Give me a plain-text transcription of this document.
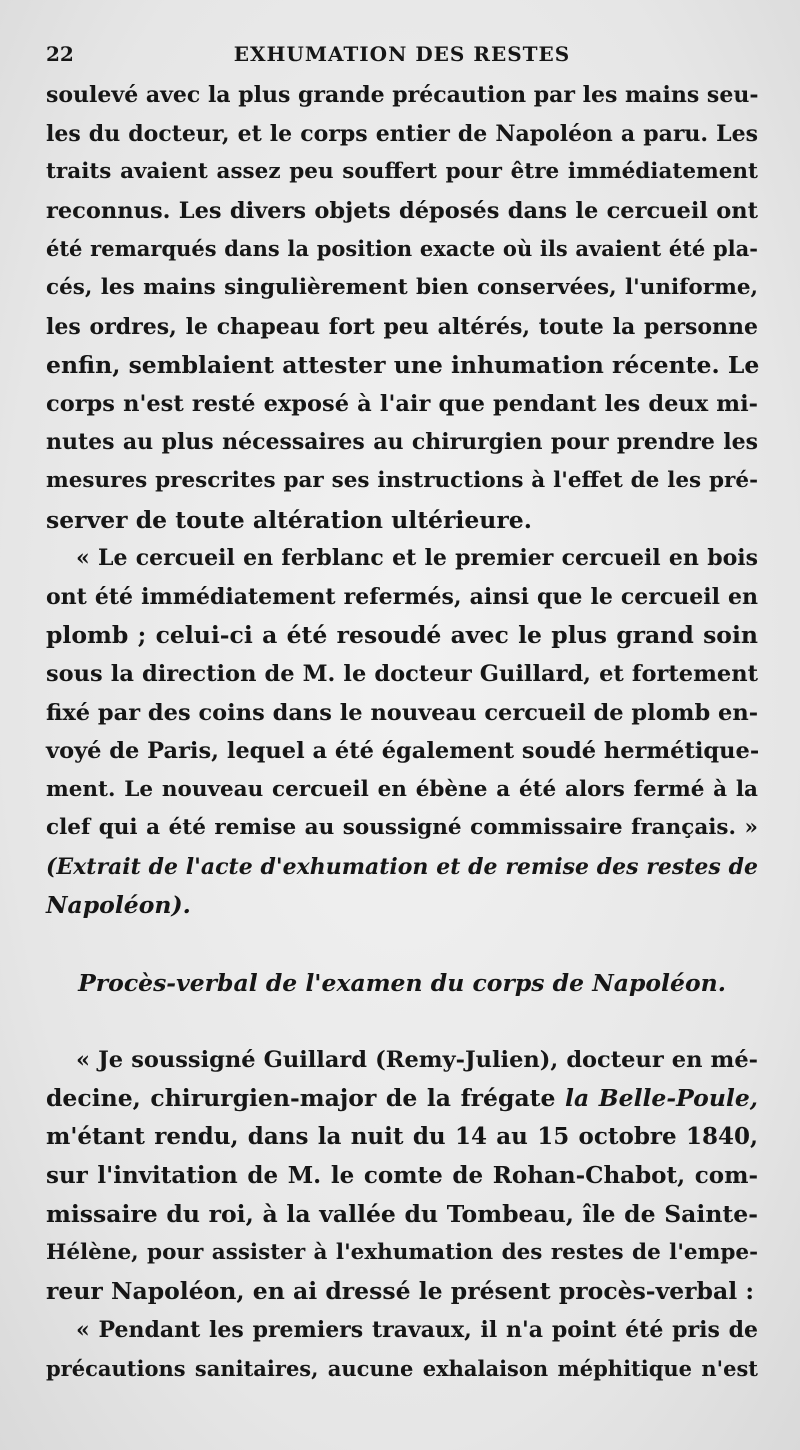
22	EXHUMATION DES RESTES
soulevé avec la plus grande précaution par les mains seu-
les du docteur, et le corps entier de Napoléon a paru. Les
traits avaient assez peu souffert pour être immédiatement
reconnus. Les divers objets déposés dans le cercueil ont
été remarqués dans la position exacte où ils avaient été pla-
cés, les mains singulièrement bien conservées, l'uniforme,
les ordres, le chapeau fort peu altérés, toute la personne
enfin, semblaient attester une inhumation récente. Le
corps n'est resté exposé à l'air que pendant les deux mi-
nutes au plus nécessaires au chirurgien pour prendre les
mesures prescrites par ses instructions à l'effet de les pré-
server de toute altération ultérieure.
« Le cercueil en ferblanc et le premier cercueil en bois
ont été immédiatement refermés, ainsi que le cercueil en
plomb ; celui-ci a été resoudé avec le plus grand soin
sous la direction de M. le docteur Guillard, et fortement
fixé par des coins dans le nouveau cercueil de plomb en-
voyé de Paris, lequel a été également soudé hermétique-
ment. Le nouveau cercueil en ébène a été alors fermé à la
clef qui a été remise au soussigné commissaire français. »
(Extrait de l'acte d'exhumation et de remise des restes de
Napoléon).
Procès-verbal de l'examen du corps de Napoléon.
« Je soussigné Guillard (Remy-Julien), docteur en mé-
decine, chirurgien-major de la frégate la Belle-Poule,
m'étant rendu, dans la nuit du 14 au 15 octobre 1840,
sur l'invitation de M. le comte de Rohan-Chabot, com-
missaire du roi, à la vallée du Tombeau, île de Sainte-
Hélène, pour assister à l'exhumation des restes de l'empe-
reur Napoléon, en ai dressé le présent procès-verbal :
« Pendant les premiers travaux, il n'a point été pris de
précautions sanitaires, aucune exhalaison méphitique n'est
